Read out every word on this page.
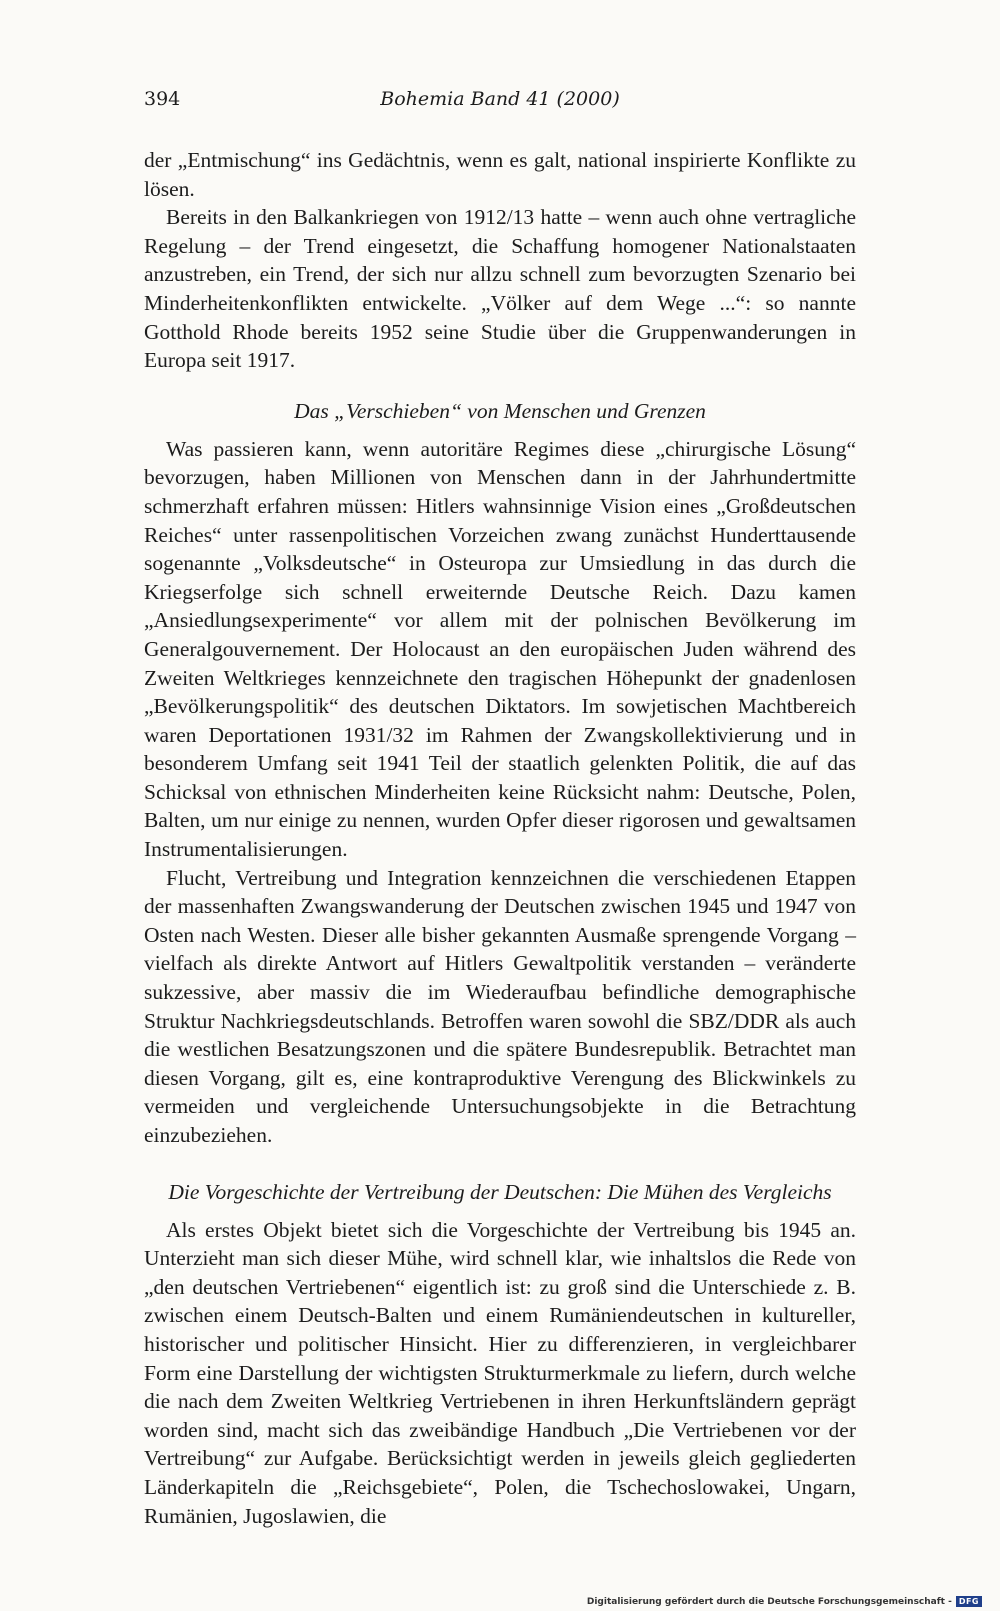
394	Bohemia Band 41 (2000)

der „Entmischung“ ins Gedächtnis, wenn es galt, national inspirierte Konflikte zu lösen.

Bereits in den Balkankriegen von 1912/13 hatte – wenn auch ohne vertragliche Regelung – der Trend eingesetzt, die Schaffung homogener Nationalstaaten anzustreben, ein Trend, der sich nur allzu schnell zum bevorzugten Szenario bei Minderheitenkonflikten entwickelte. „Völker auf dem Wege ...“: so nannte Gotthold Rhode bereits 1952 seine Studie über die Gruppenwanderungen in Europa seit 1917.

Das „Verschieben“ von Menschen und Grenzen

Was passieren kann, wenn autoritäre Regimes diese „chirurgische Lösung“ bevorzugen, haben Millionen von Menschen dann in der Jahrhundertmitte schmerzhaft erfahren müssen: Hitlers wahnsinnige Vision eines „Großdeutschen Reiches“ unter rassenpolitischen Vorzeichen zwang zunächst Hunderttausende sogenannte „Volksdeutsche“ in Osteuropa zur Umsiedlung in das durch die Kriegserfolge sich schnell erweiternde Deutsche Reich. Dazu kamen „Ansiedlungsexperimente“ vor allem mit der polnischen Bevölkerung im Generalgouvernement. Der Holocaust an den europäischen Juden während des Zweiten Weltkrieges kennzeichnete den tragischen Höhepunkt der gnadenlosen „Bevölkerungspolitik“ des deutschen Diktators. Im sowjetischen Machtbereich waren Deportationen 1931/32 im Rahmen der Zwangskollektivierung und in besonderem Umfang seit 1941 Teil der staatlich gelenkten Politik, die auf das Schicksal von ethnischen Minderheiten keine Rücksicht nahm: Deutsche, Polen, Balten, um nur einige zu nennen, wurden Opfer dieser rigorosen und gewaltsamen Instrumentalisierungen.

Flucht, Vertreibung und Integration kennzeichnen die verschiedenen Etappen der massenhaften Zwangswanderung der Deutschen zwischen 1945 und 1947 von Osten nach Westen. Dieser alle bisher gekannten Ausmaße sprengende Vorgang – vielfach als direkte Antwort auf Hitlers Gewaltpolitik verstanden – veränderte sukzessive, aber massiv die im Wiederaufbau befindliche demographische Struktur Nachkriegsdeutschlands. Betroffen waren sowohl die SBZ/DDR als auch die westlichen Besatzungszonen und die spätere Bundesrepublik. Betrachtet man diesen Vorgang, gilt es, eine kontraproduktive Verengung des Blickwinkels zu vermeiden und vergleichende Untersuchungsobjekte in die Betrachtung einzubeziehen.

Die Vorgeschichte der Vertreibung der Deutschen: Die Mühen des Vergleichs

Als erstes Objekt bietet sich die Vorgeschichte der Vertreibung bis 1945 an. Unterzieht man sich dieser Mühe, wird schnell klar, wie inhaltslos die Rede von „den deutschen Vertriebenen“ eigentlich ist: zu groß sind die Unterschiede z. B. zwischen einem Deutsch-Balten und einem Rumäniendeutschen in kultureller, historischer und politischer Hinsicht. Hier zu differenzieren, in vergleichbarer Form eine Darstellung der wichtigsten Strukturmerkmale zu liefern, durch welche die nach dem Zweiten Weltkrieg Vertriebenen in ihren Herkunftsländern geprägt worden sind, macht sich das zweibändige Handbuch „Die Vertriebenen vor der Vertreibung“ zur Aufgabe. Berücksichtigt werden in jeweils gleich gegliederten Länderkapiteln die „Reichsgebiete“, Polen, die Tschechoslowakei, Ungarn, Rumänien, Jugoslawien, die

Digitalisierung gefördert durch die Deutsche Forschungsgemeinschaft - DFG
